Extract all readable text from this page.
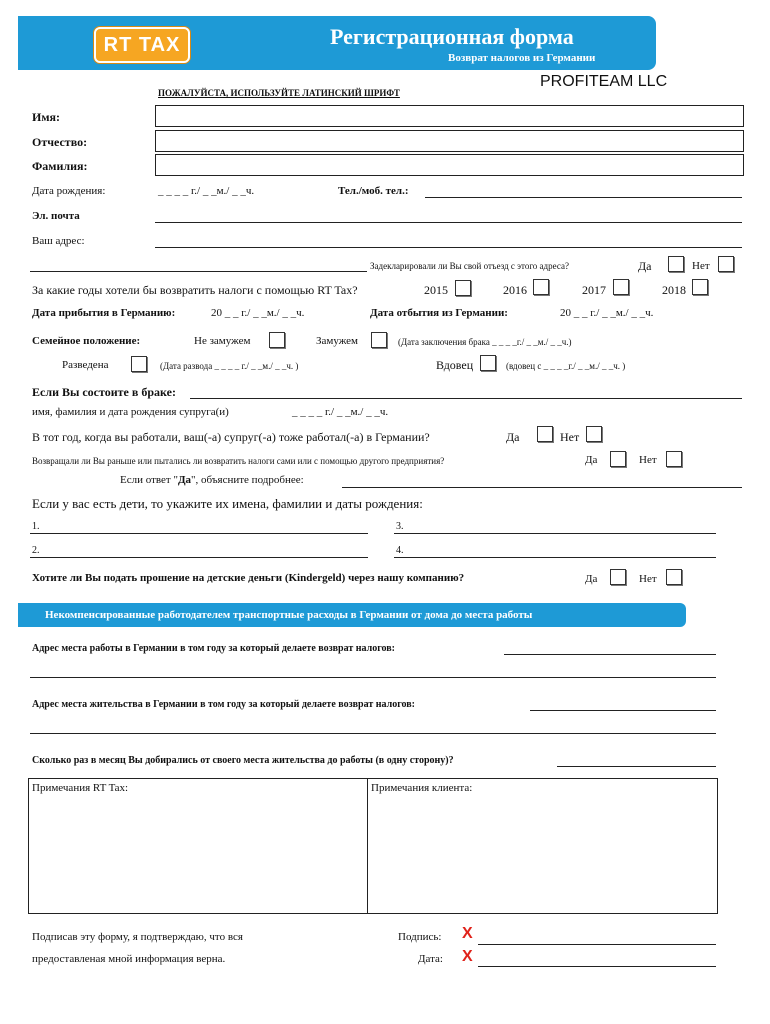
RT TAX	Регистрационная форма
Возврат налогов из Германии
PROFITEAM LLC
ПОЖАЛУЙСТА, ИСПОЛЬЗУЙТЕ ЛАТИНСКИЙ ШРИФТ
Имя:
Отчество:
Фамилия:
Дата рождения:	_ _ _ _ г./ _ _м./ _ _ч.	Тел./моб. тел.:
Эл. почта
Ваш адрес:
Задекларировали ли Вы свой отъезд с этого адреса?	Да	Нет
За какие годы хотели бы возвратить налоги с помощью RT Tax?	2015	2016	2017	2018
Дата прибытия в Германию:	20 _ _ г./ _ _м./ _ _ч.	Дата отбытия из Германии:	20 _ _ г./ _ _м./ _ _ч.
Семейное положение:	Не замужем	Замужем	(Дата заключения брака _ _ _ _г./ _ _м./ _ _ч.)
Разведена	(Дата развода _ _ _ _ г./ _ _м./ _ _ч. )	Вдовец	(вдовец с _ _ _ _г./ _ _м./ _ _ч. )
Если Вы состоите в браке:
имя, фамилия и дата рождения супруга(и)	_ _ _ _ г./ _ _м./ _ _ч.
В тот год, когда вы работали, ваш(-а) супруг(-а) тоже работал(-а) в Германии?	Да	Нет
Возвращали ли Вы раньше или пытались ли возвратить налоги сами или с помощью другого предприятия?	Да	Нет
Если ответ "Да", объясните подробнее:
Если у вас есть дети, то укажите их имена, фамилии и даты рождения:
1.	3.
2.	4.
Хотите ли Вы подать прошение на детские деньги (Kindergeld) через нашу компанию?	Да	Нет
Некомпенсированные работодателем транспортные расходы в Германии от дома до места работы
Адрес места работы в Германии в том году за который делаете возврат налогов:
Адрес места жительства в Германии в том году за который делаете возврат налогов:
Сколько раз в месяц Вы добирались от своего места жительства до работы (в одну сторону)?
Примечания RT Tax:	Примечания клиента:
Подписав эту форму, я подтверждаю, что вся
предоставленая мной информация верна.
Подпись: X
Дата: X
